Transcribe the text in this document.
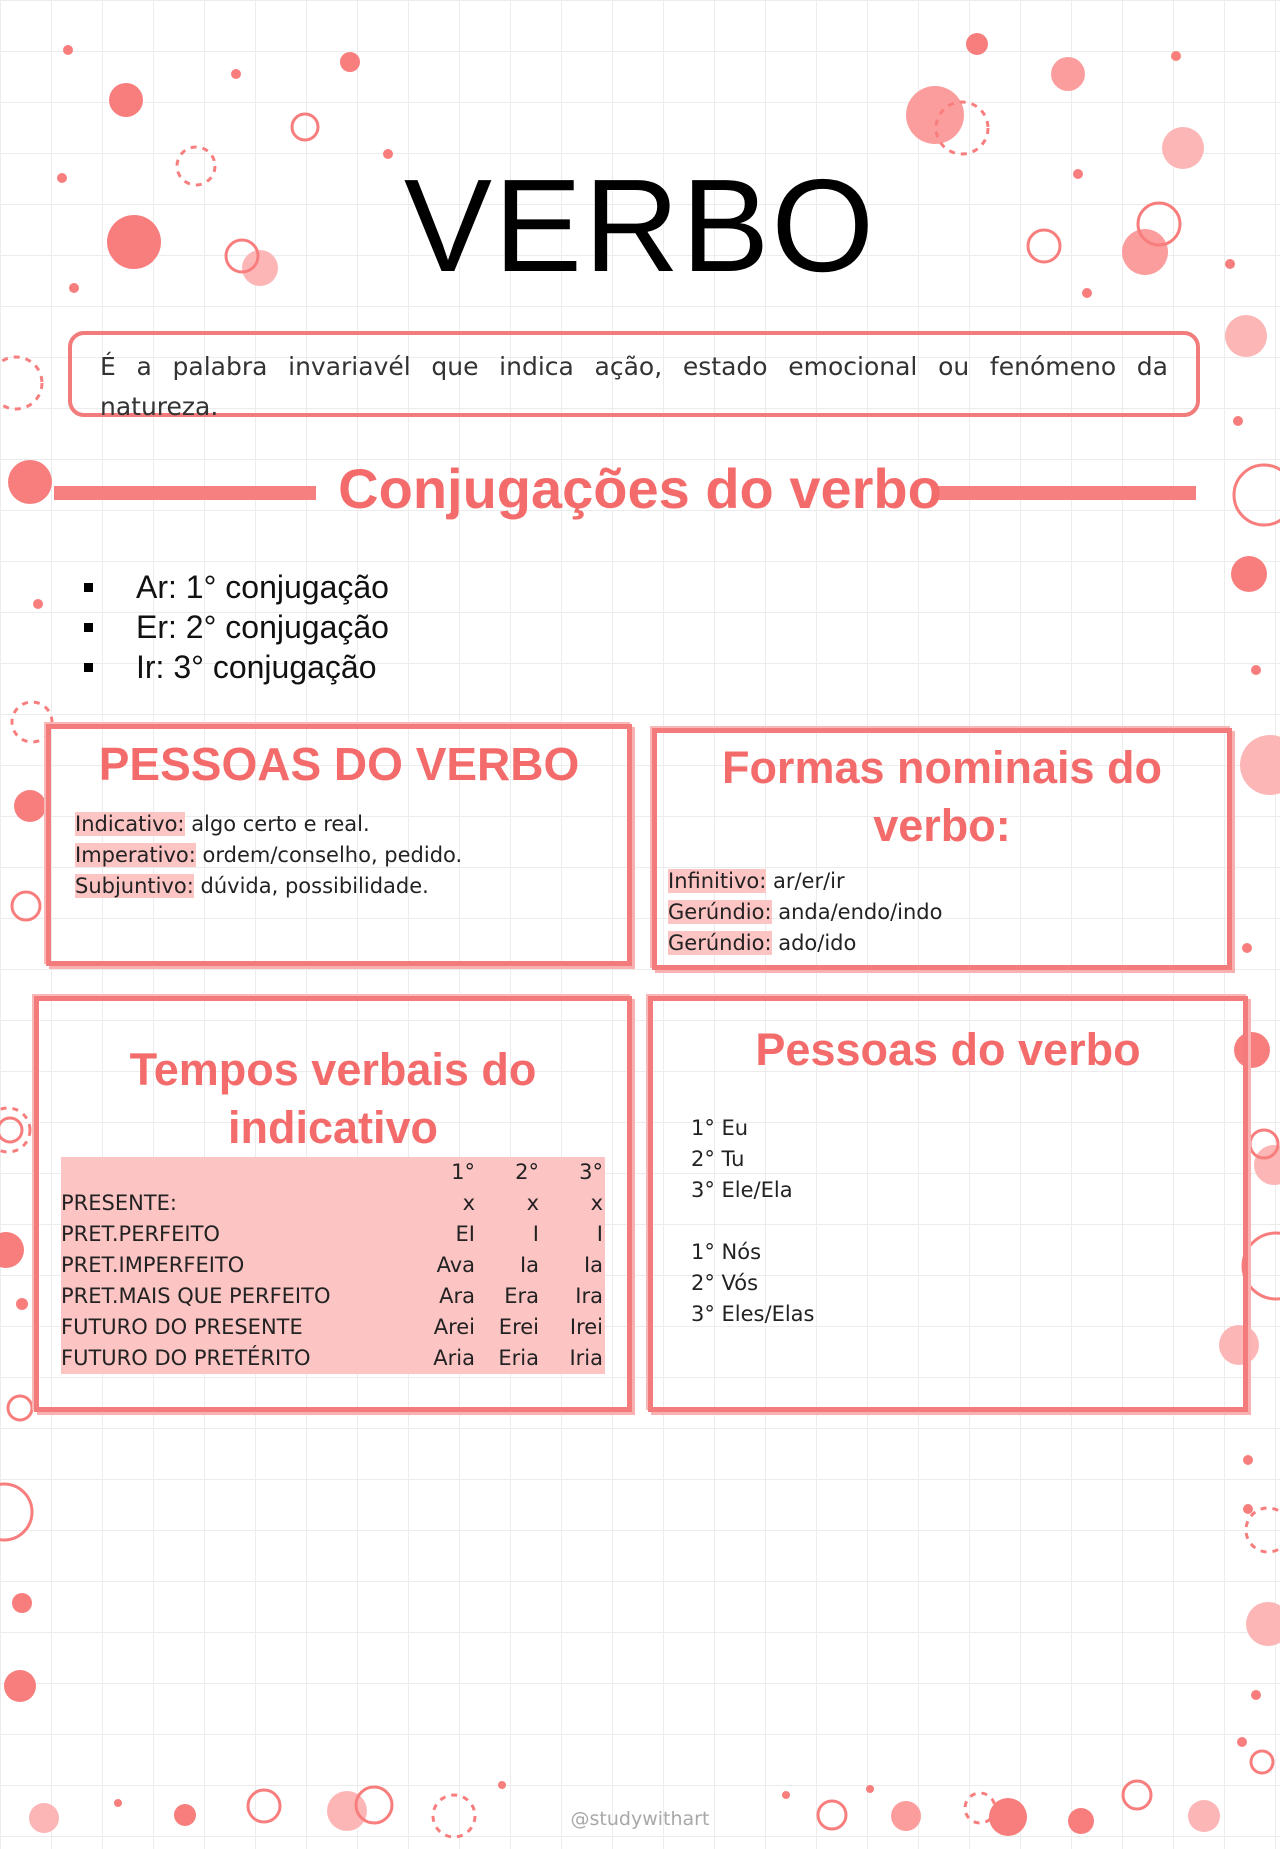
VERBO
É a palabra invariavél que indica ação, estado emocional ou fenómeno da natureza.
Conjugações do verbo
Ar: 1° conjugação
Er: 2° conjugação
Ir: 3° conjugação
PESSOAS DO VERBO
Indicativo: algo certo e real.
Imperativo: ordem/conselho, pedido.
Subjuntivo: dúvida, possibilidade.
Formas nominais do
verbo:
Infinitivo: ar/er/ir
Gerúndio: anda/endo/indo
Gerúndio: ado/ido
Tempos verbais do
indicativo
	1°	2°	3°
PRESENTE:	x	x	x
PRET.PERFEITO	EI	I	I
PRET.IMPERFEITO	Ava	Ia	Ia
PRET.MAIS QUE PERFEITO	Ara	Era	Ira
FUTURO DO PRESENTE	Arei	Erei	Irei
FUTURO DO PRETÉRITO	Aria	Eria	Iria
Pessoas do verbo
1° Eu
2° Tu
3° Ele/Ela

1° Nós
2° Vós
3° Eles/Elas
@studywithart
